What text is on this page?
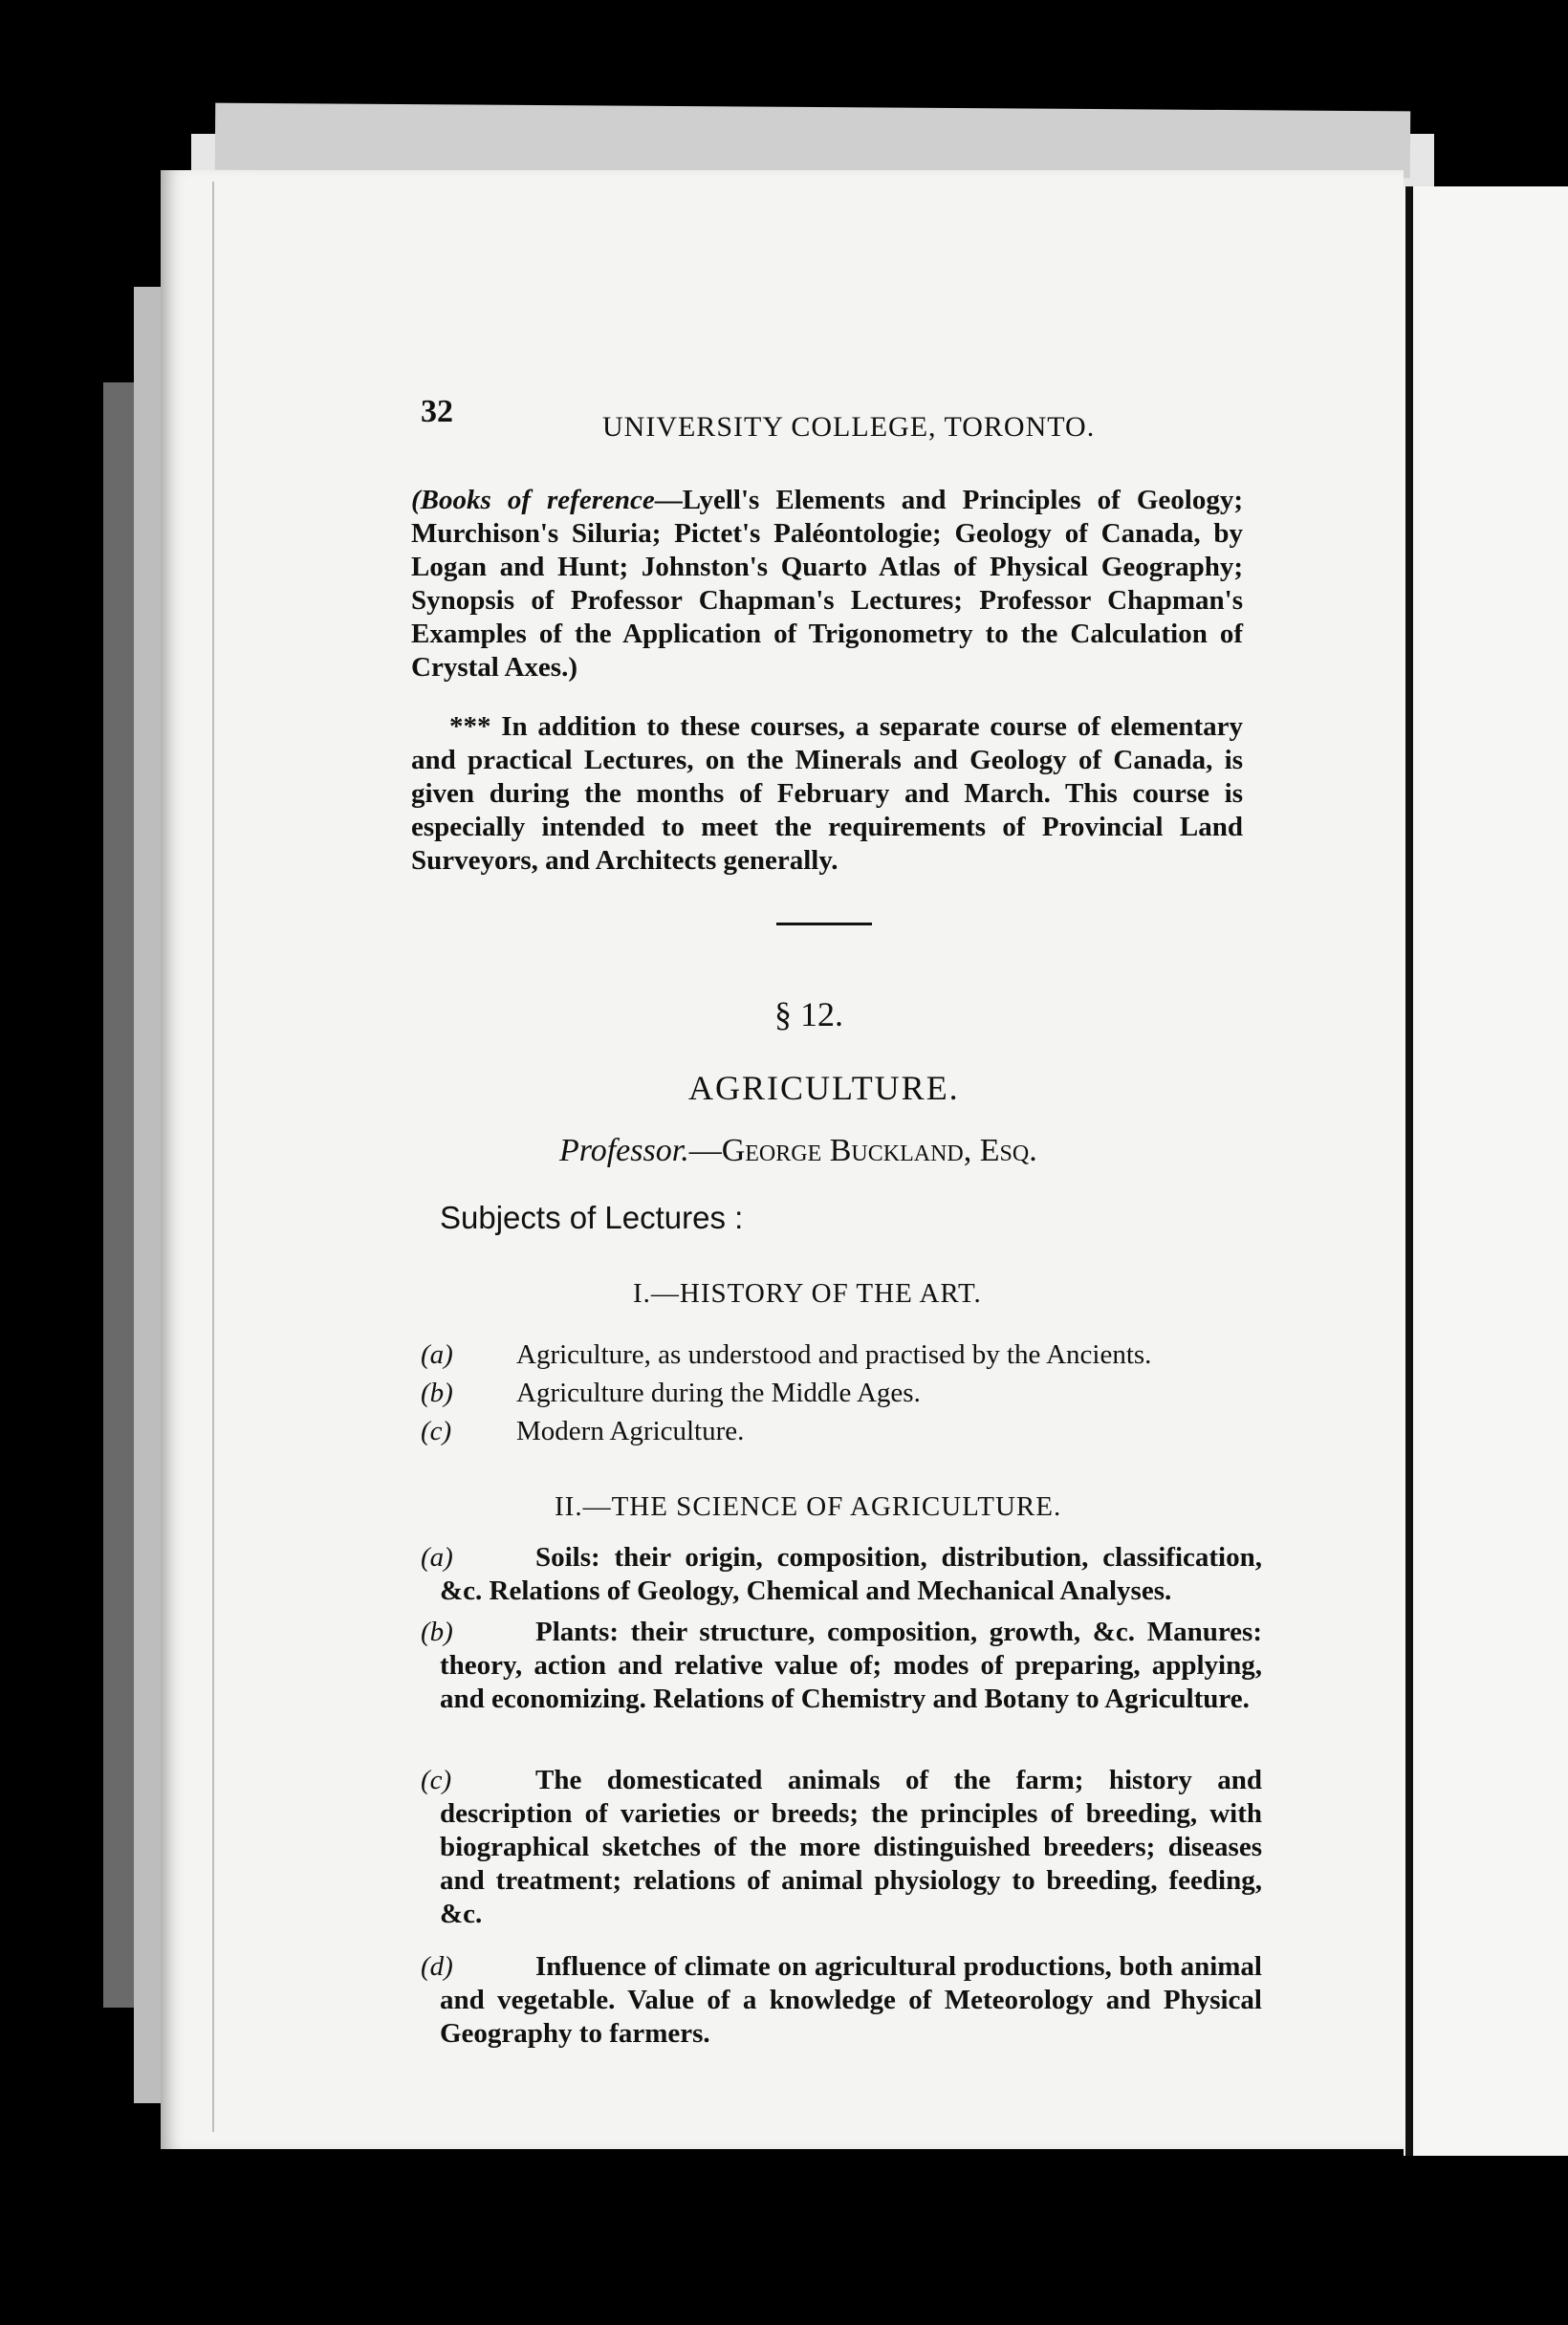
32	UNIVERSITY COLLEGE, TORONTO.
(Books of reference—Lyell's Elements and Principles of Geology; Murchison's Siluria; Pictet's Paléontologie; Geology of Canada, by Logan and Hunt; Johnston's Quarto Atlas of Physical Geography; Synopsis of Professor Chapman's Lectures; Professor Chapman's Examples of the Application of Trigonometry to the Calculation of Crystal Axes.)
*** In addition to these courses, a separate course of elementary and practical Lectures, on the Minerals and Geology of Canada, is given during the months of February and March. This course is especially intended to meet the requirements of Provincial Land Surveyors, and Architects generally.
§ 12.
AGRICULTURE.
Professor.—George Buckland, Esq.
Subjects of Lectures :
I.—HISTORY OF THE ART.
(a) Agriculture, as understood and practised by the Ancients.
(b) Agriculture during the Middle Ages.
(c) Modern Agriculture.
II.—THE SCIENCE OF AGRICULTURE.
(a)	Soils: their origin, composition, distribution, classification, &c. Relations of Geology, Chemical and Mechanical Analyses.
(b)	Plants: their structure, composition, growth, &c. Manures: theory, action and relative value of; modes of preparing, applying, and economizing. Relations of Chemistry and Botany to Agriculture.
(c)	The domesticated animals of the farm; history and description of varieties or breeds; the principles of breeding, with biographical sketches of the more distinguished breeders; diseases and treatment; relations of animal physiology to breeding, feeding, &c.
(d)	Influence of climate on agricultural productions, both animal and vegetable. Value of a knowledge of Meteorology and Physical Geography to farmers.
